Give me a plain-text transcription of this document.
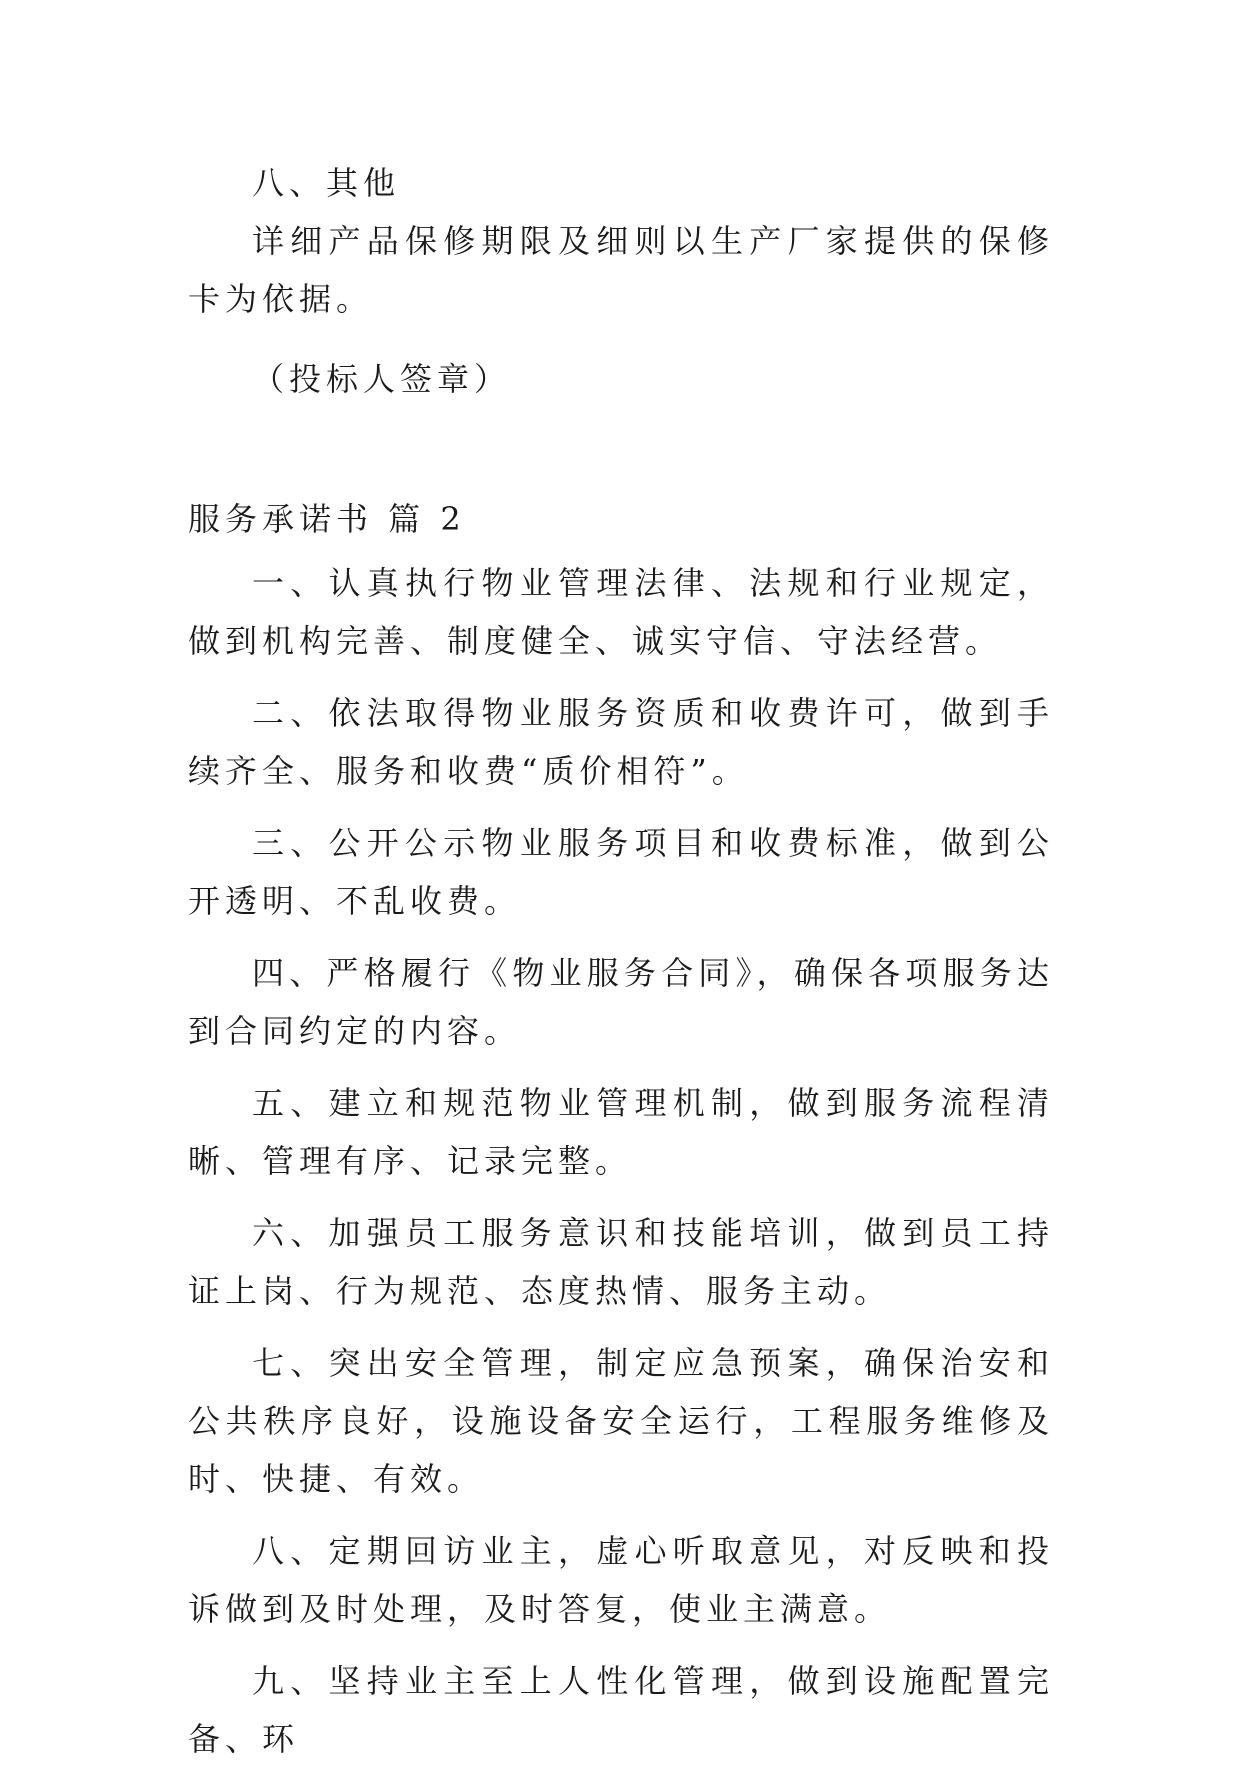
八、其他

详细产品保修期限及细则以生产厂家提供的保修卡为依据。

（投标人签章）

服务承诺书 篇 2

一、认真执行物业管理法律、法规和行业规定，做到机构完善、制度健全、诚实守信、守法经营。

二、依法取得物业服务资质和收费许可，做到手续齐全、服务和收费“质价相符”。

三、公开公示物业服务项目和收费标准，做到公开透明、不乱收费。

四、严格履行《物业服务合同》，确保各项服务达到合同约定的内容。

五、建立和规范物业管理机制，做到服务流程清晰、管理有序、记录完整。

六、加强员工服务意识和技能培训，做到员工持证上岗、行为规范、态度热情、服务主动。

七、突出安全管理，制定应急预案，确保治安和公共秩序良好，设施设备安全运行，工程服务维修及时、快捷、有效。

八、定期回访业主，虚心听取意见，对反映和投诉做到及时处理，及时答复，使业主满意。

九、坚持业主至上人性化管理，做到设施配置完备、环
